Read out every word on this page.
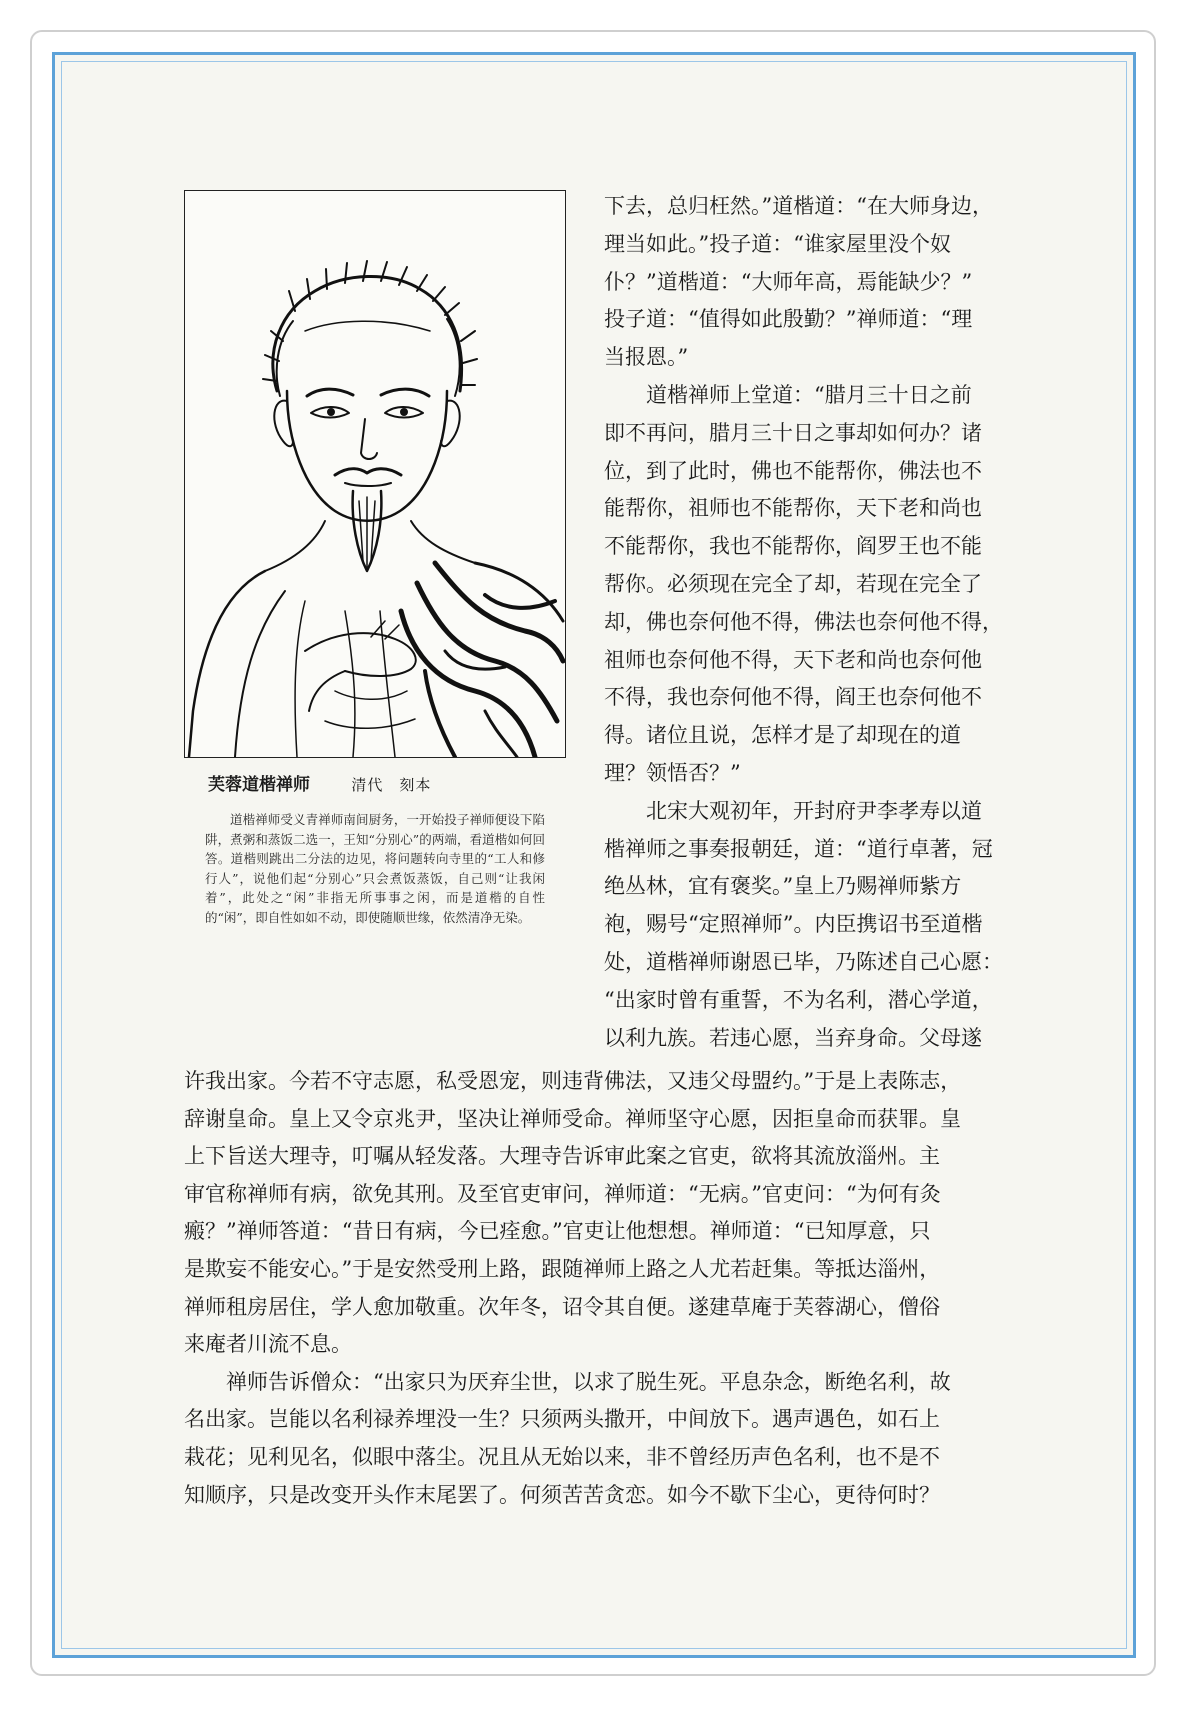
芙蓉道楷禅师	清代　刻本
道楷禅师受义青禅师南间厨务，一开始投子禅师便设下陷阱，煮粥和蒸饭二选一，王知“分别心”的两端，看道楷如何回答。道楷则跳出二分法的边见，将问题转向寺里的“工人和修行人”，说他们起“分别心”只会煮饭蒸饭，自己则“让我闲着”，此处之“闲”非指无所事事之闲，而是道楷的自性的“闲”，即自性如如不动，即使随顺世缘，依然清净无染。
下去，总归枉然。”道楷道：“在大师身边，
理当如此。”投子道：“谁家屋里没个奴
仆？”道楷道：“大师年高，焉能缺少？”
投子道：“值得如此殷勤？”禅师道：“理
当报恩。”
　　道楷禅师上堂道：“腊月三十日之前
即不再问，腊月三十日之事却如何办？诸
位，到了此时，佛也不能帮你，佛法也不
能帮你，祖师也不能帮你，天下老和尚也
不能帮你，我也不能帮你，阎罗王也不能
帮你。必须现在完全了却，若现在完全了
却，佛也奈何他不得，佛法也奈何他不得，
祖师也奈何他不得，天下老和尚也奈何他
不得，我也奈何他不得，阎王也奈何他不
得。诸位且说，怎样才是了却现在的道
理？领悟否？”
　　北宋大观初年，开封府尹李孝寿以道
楷禅师之事奏报朝廷，道：“道行卓著，冠
绝丛林，宜有褒奖。”皇上乃赐禅师紫方
袍，赐号“定照禅师”。内臣携诏书至道楷
处，道楷禅师谢恩已毕，乃陈述自己心愿：
“出家时曾有重誓，不为名利，潜心学道，
以利九族。若违心愿，当弃身命。父母遂
许我出家。今若不守志愿，私受恩宠，则违背佛法，又违父母盟约。”于是上表陈志，
辞谢皇命。皇上又令京兆尹，坚决让禅师受命。禅师坚守心愿，因拒皇命而获罪。皇
上下旨送大理寺，叮嘱从轻发落。大理寺告诉审此案之官吏，欲将其流放淄州。主
审官称禅师有病，欲免其刑。及至官吏审问，禅师道：“无病。”官吏问：“为何有灸
瘢？”禅师答道：“昔日有病，今已痊愈。”官吏让他想想。禅师道：“已知厚意，只
是欺妄不能安心。”于是安然受刑上路，跟随禅师上路之人尤若赶集。等抵达淄州，
禅师租房居住，学人愈加敬重。次年冬，诏令其自便。遂建草庵于芙蓉湖心，僧俗
来庵者川流不息。
　　禅师告诉僧众：“出家只为厌弃尘世，以求了脱生死。平息杂念，断绝名利，故
名出家。岂能以名利禄养埋没一生？只须两头撒开，中间放下。遇声遇色，如石上
栽花；见利见名，似眼中落尘。况且从无始以来，非不曾经历声色名利，也不是不
知顺序，只是改变开头作末尾罢了。何须苦苦贪恋。如今不歇下尘心，更待何时？
